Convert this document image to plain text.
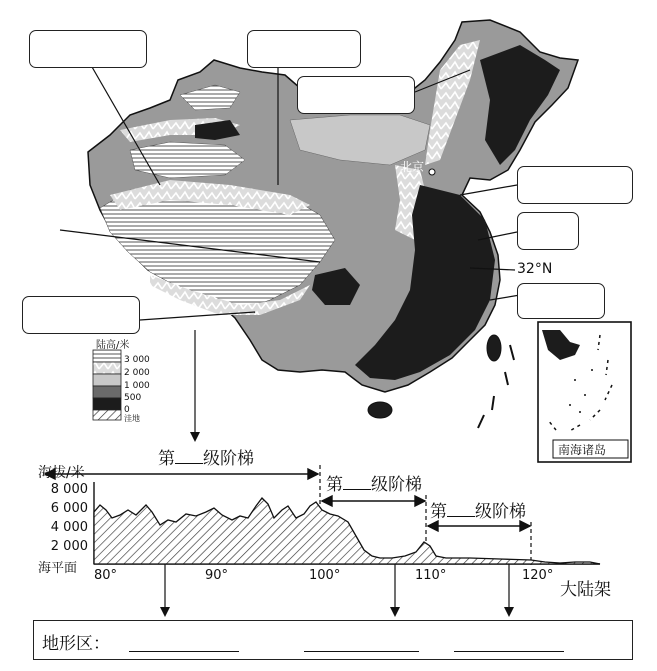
北京
32°N
南海诸岛
陆高/米
3 000
2 000
1 000
500
0
洼地
第 级阶梯
第 级阶梯
第 级阶梯
海拔/米
8 000
6 000
4 000
2 000
海平面 80°	90°	100°	110°	120°
大陆架
地形区：
